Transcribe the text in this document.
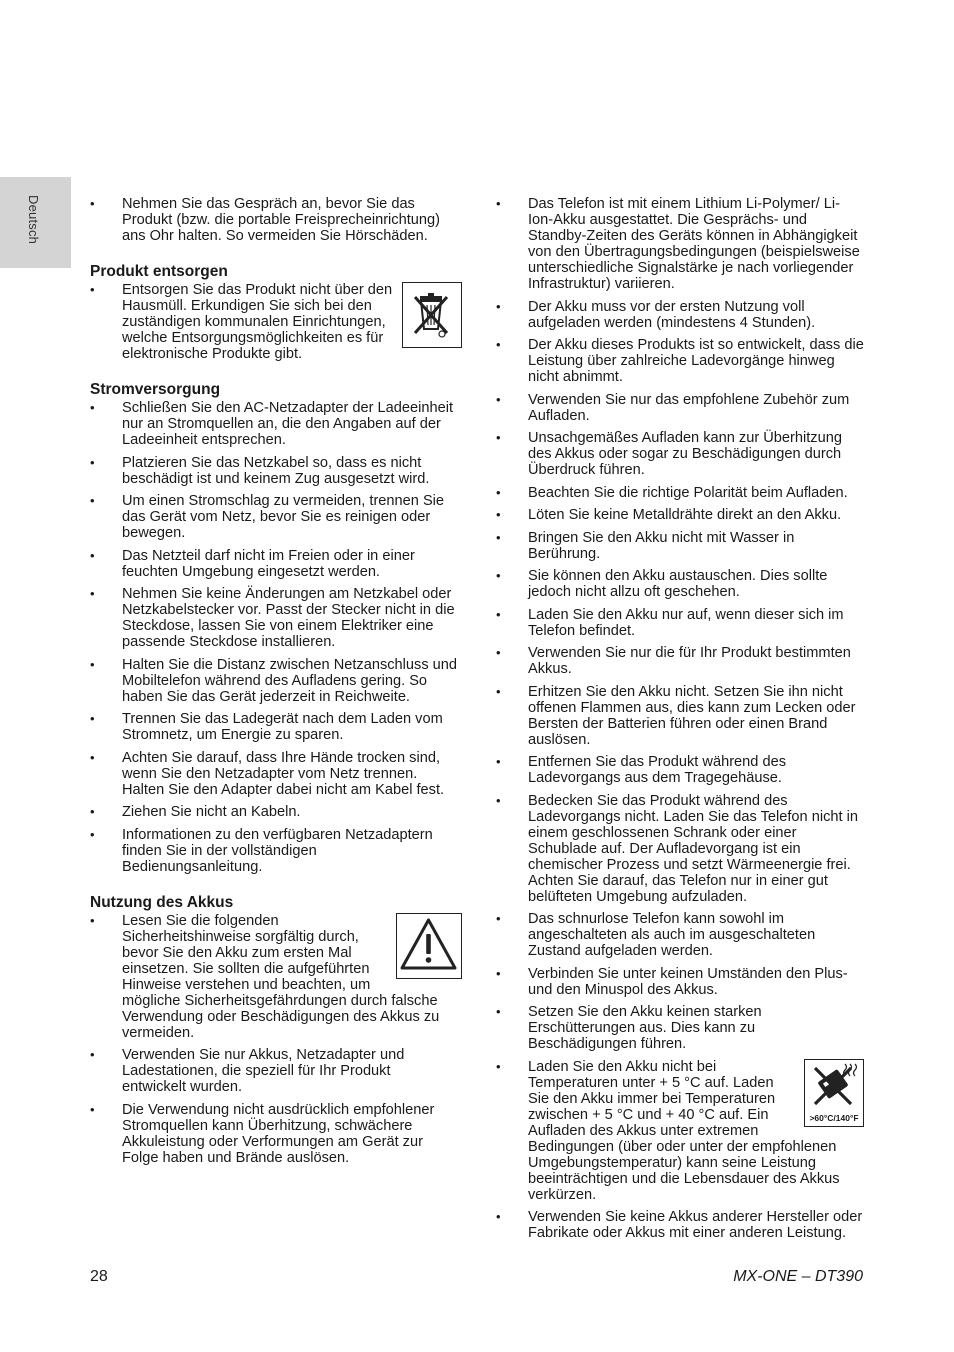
Deutsch
•	Nehmen Sie das Gespräch an, bevor Sie das Produkt (bzw. die portable Freisprecheinrichtung) ans Ohr halten. So vermeiden Sie Hörschäden.
Produkt entsorgen
• Entsorgen Sie das Produkt nicht über den Hausmüll. Erkundigen Sie sich bei den zuständigen kommunalen Einrichtungen, welche Entsorgungsmöglichkeiten es für elektronische Produkte gibt.
Stromversorgung
• Schließen Sie den AC-Netzadapter der Ladeeinheit nur an Stromquellen an, die den Angaben auf der Ladeeinheit entsprechen.
• Platzieren Sie das Netzkabel so, dass es nicht beschädigt ist und keinem Zug ausgesetzt wird.
• Um einen Stromschlag zu vermeiden, trennen Sie das Gerät vom Netz, bevor Sie es reinigen oder bewegen.
• Das Netzteil darf nicht im Freien oder in einer feuchten Umgebung eingesetzt werden.
• Nehmen Sie keine Änderungen am Netzkabel oder Netzkabelstecker vor. Passt der Stecker nicht in die Steckdose, lassen Sie von einem Elektriker eine passende Steckdose installieren.
• Halten Sie die Distanz zwischen Netzanschluss und Mobiltelefon während des Aufladens gering. So haben Sie das Gerät jederzeit in Reichweite.
• Trennen Sie das Ladegerät nach dem Laden vom Stromnetz, um Energie zu sparen.
• Achten Sie darauf, dass Ihre Hände trocken sind, wenn Sie den Netzadapter vom Netz trennen. Halten Sie den Adapter dabei nicht am Kabel fest.
• Ziehen Sie nicht an Kabeln.
• Informationen zu den verfügbaren Netzadaptern finden Sie in der vollständigen Bedienungsanleitung.
Nutzung des Akkus
• Lesen Sie die folgenden Sicherheitshinweise sorgfältig durch, bevor Sie den Akku zum ersten Mal einsetzen. Sie sollten die aufgeführten Hinweise verstehen und beachten, um mögliche Sicherheitsgefährdungen durch falsche Verwendung oder Beschädigungen des Akkus zu vermeiden.
• Verwenden Sie nur Akkus, Netzadapter und Ladestationen, die speziell für Ihr Produkt entwickelt wurden.
• Die Verwendung nicht ausdrücklich empfohlener Stromquellen kann Überhitzung, schwächere Akkuleistung oder Verformungen am Gerät zur Folge haben und Brände auslösen.
• Das Telefon ist mit einem Lithium Li-Polymer/ Li-Ion-Akku ausgestattet. Die Gesprächs- und Standby-Zeiten des Geräts können in Abhängigkeit von den Übertragungsbedingungen (beispielsweise unterschiedliche Signalstärke je nach vorliegender Infrastruktur) variieren.
• Der Akku muss vor der ersten Nutzung voll aufgeladen werden (mindestens 4 Stunden).
• Der Akku dieses Produkts ist so entwickelt, dass die Leistung über zahlreiche Ladevorgänge hinweg nicht abnimmt.
• Verwenden Sie nur das empfohlene Zubehör zum Aufladen.
• Unsachgemäßes Aufladen kann zur Überhitzung des Akkus oder sogar zu Beschädigungen durch Überdruck führen.
• Beachten Sie die richtige Polarität beim Aufladen.
• Löten Sie keine Metalldrähte direkt an den Akku.
• Bringen Sie den Akku nicht mit Wasser in Berührung.
• Sie können den Akku austauschen. Dies sollte jedoch nicht allzu oft geschehen.
• Laden Sie den Akku nur auf, wenn dieser sich im Telefon befindet.
• Verwenden Sie nur die für Ihr Produkt bestimmten Akkus.
• Erhitzen Sie den Akku nicht. Setzen Sie ihn nicht offenen Flammen aus, dies kann zum Lecken oder Bersten der Batterien führen oder einen Brand auslösen.
• Entfernen Sie das Produkt während des Ladevorgangs aus dem Tragegehäuse.
• Bedecken Sie das Produkt während des Ladevorgangs nicht. Laden Sie das Telefon nicht in einem geschlossenen Schrank oder einer Schublade auf. Der Aufladevorgang ist ein chemischer Prozess und setzt Wärmeenergie frei. Achten Sie darauf, das Telefon nur in einer gut belüfteten Umgebung aufzuladen.
• Das schnurlose Telefon kann sowohl im angeschalteten als auch im ausgeschalteten Zustand aufgeladen werden.
• Verbinden Sie unter keinen Umständen den Plus- und den Minuspol des Akkus.
• Setzen Sie den Akku keinen starken Erschütterungen aus. Dies kann zu Beschädigungen führen.
• >60°C/140°F
Laden Sie den Akku nicht bei Temperaturen unter + 5 °C auf. Laden Sie den Akku immer bei Temperaturen zwischen + 5 °C und + 40 °C auf. Ein Aufladen des Akkus unter extremen Bedingungen (über oder unter der empfohlenen Umgebungstemperatur) kann seine Leistung beeinträchtigen und die Lebensdauer des Akkus verkürzen.
• Verwenden Sie keine Akkus anderer Hersteller oder Fabrikate oder Akkus mit einer anderen Leistung.
28	MX-ONE – DT390
